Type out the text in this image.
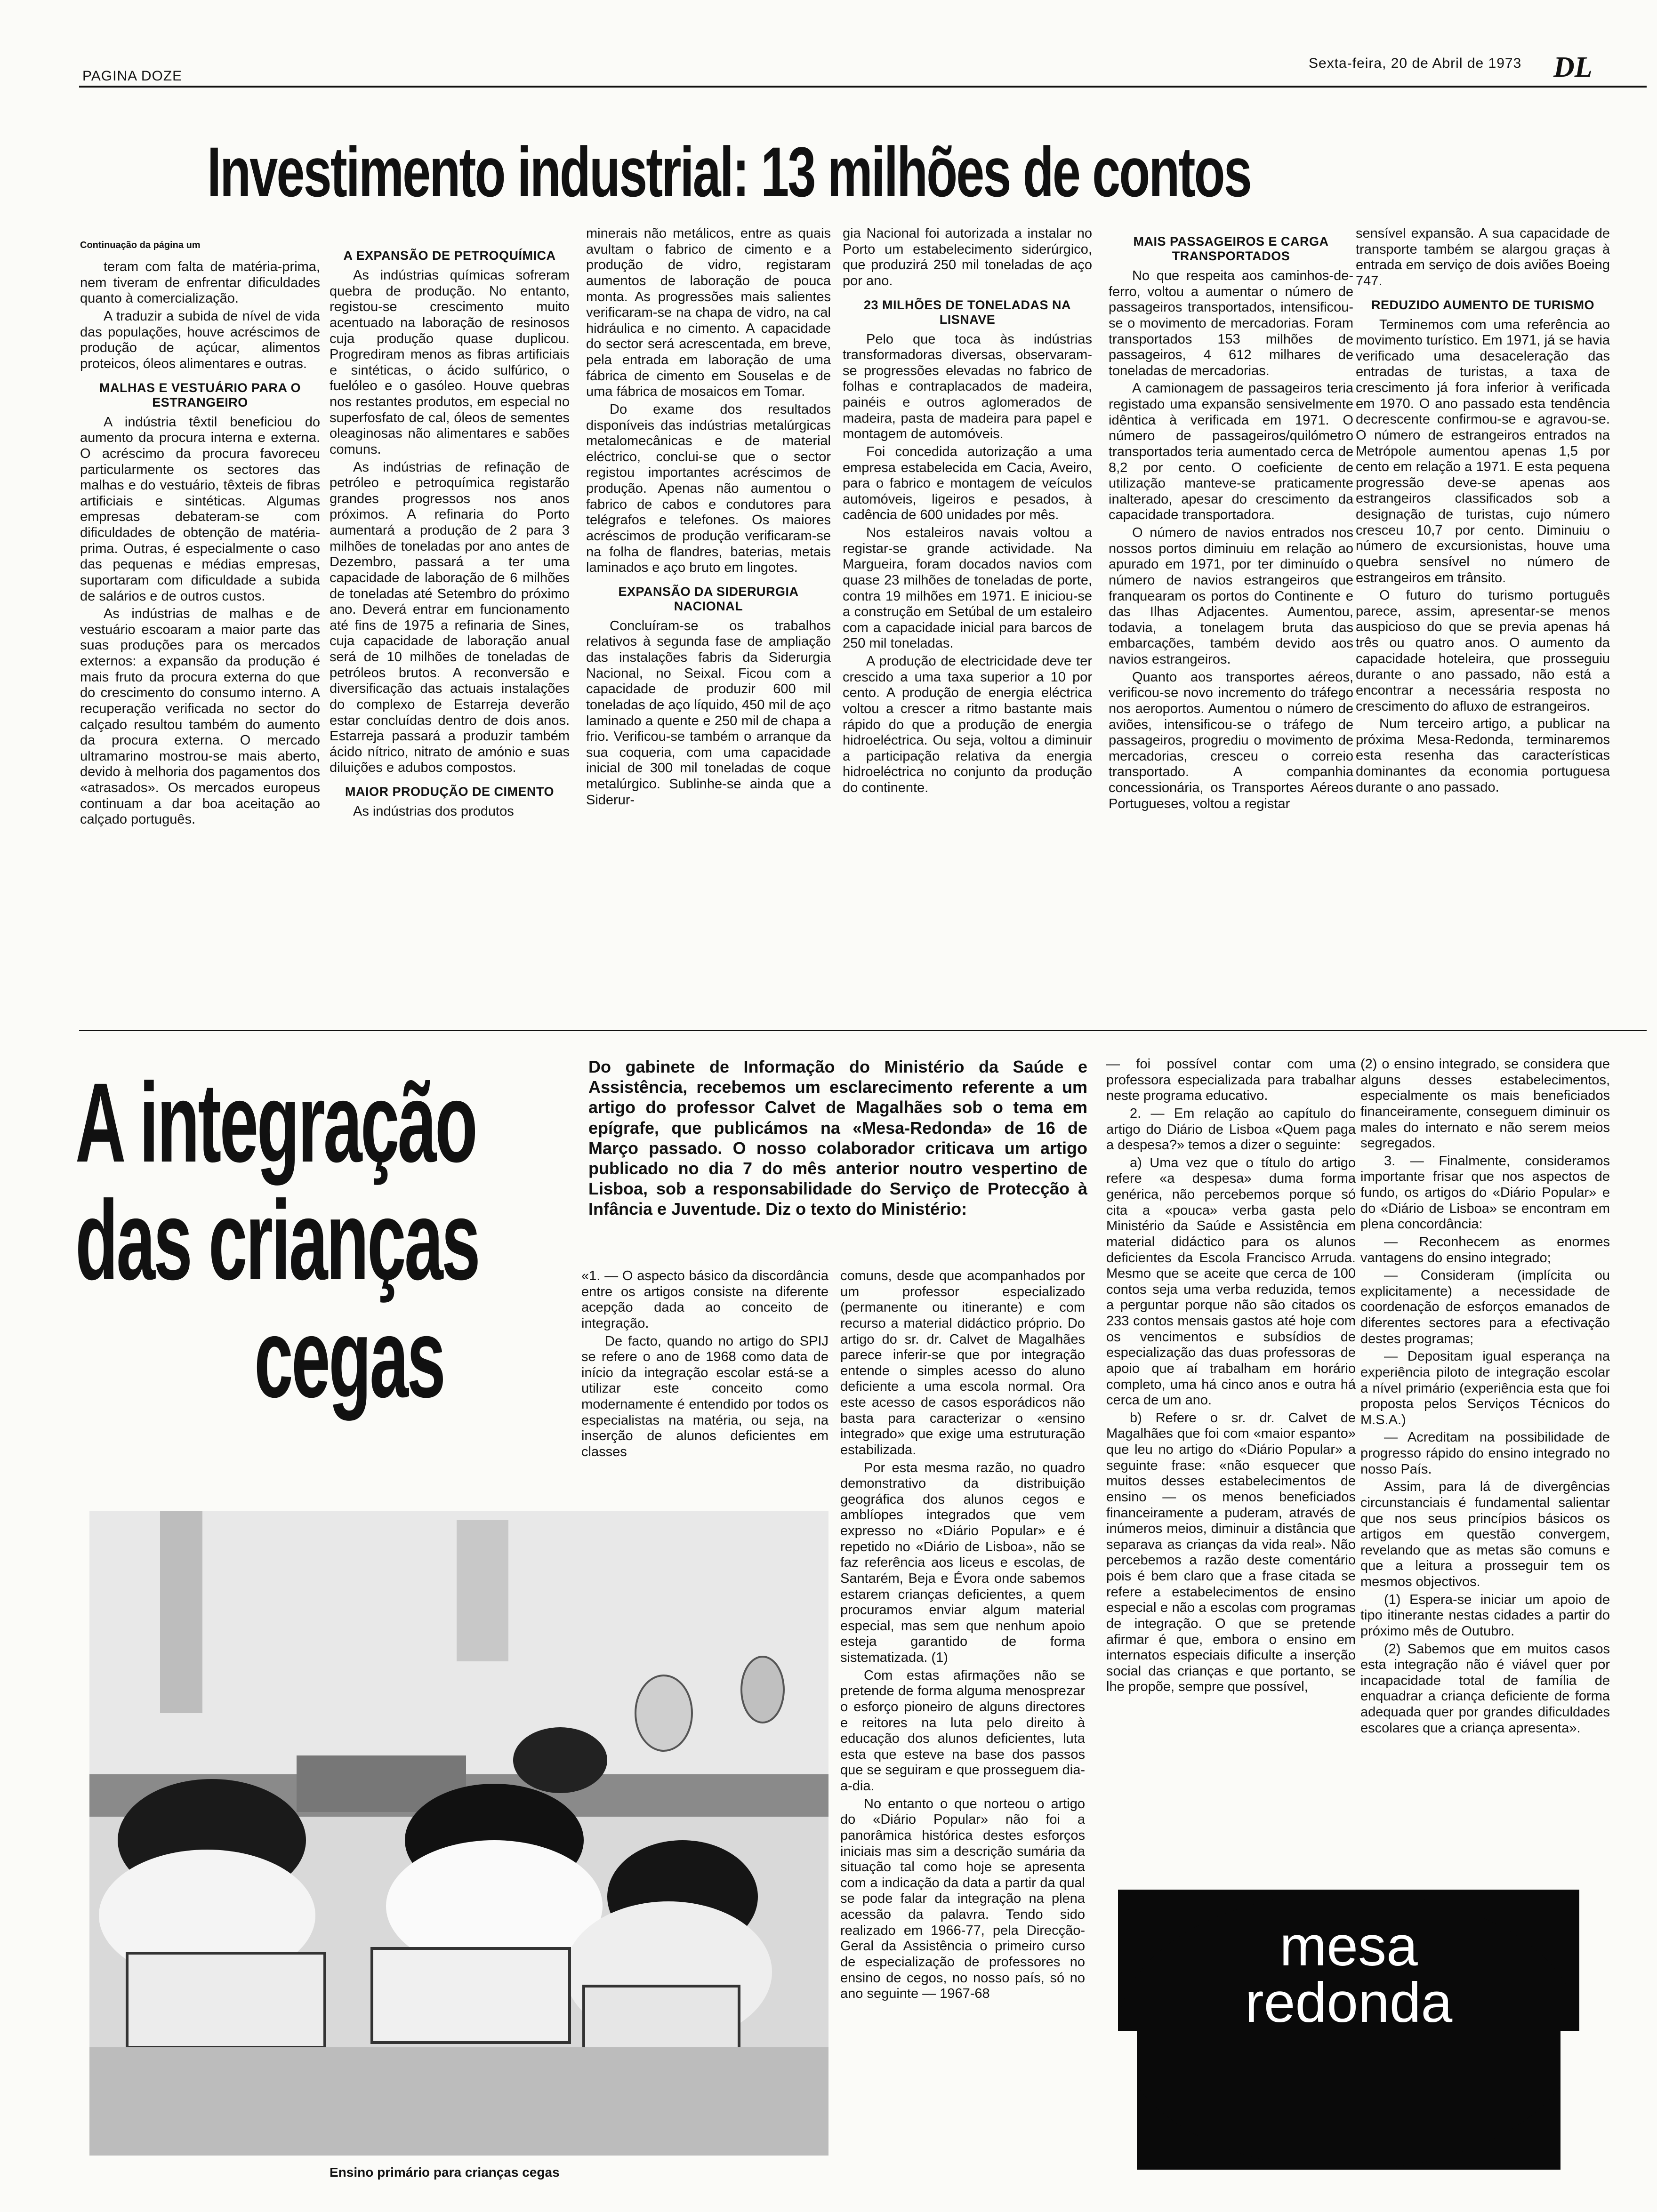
PAGINA DOZE
Sexta-feira, 20 de Abril de 1973 DL
Investimento industrial: 13 milhões de contos

Continuação da página um

teram com falta de matéria-prima, nem tiveram de enfrentar dificuldades quanto à comercialização.

A traduzir a subida de nível de vida das populações, houve acréscimos de produção de açúcar, alimentos proteicos, óleos alimentares e outras.

MALHAS E VESTUÁRIO PARA O ESTRANGEIRO

A indústria têxtil beneficiou do aumento da procura interna e externa. O acréscimo da procura favoreceu particularmente os sectores das malhas e do vestuário, têxteis de fibras artificiais e sintéticas. Algumas empresas debateram-se com dificuldades de obtenção de matéria-prima. Outras, é especialmente o caso das pequenas e médias empresas, suportaram com dificuldade a subida de salários e de outros custos.

As indústrias de malhas e de vestuário escoaram a maior parte das suas produções para os mercados externos: a expansão da produção é mais fruto da procura externa do que do crescimento do consumo interno. A recuperação verificada no sector do calçado resultou também do aumento da procura externa. O mercado ultramarino mostrou-se mais aberto, devido à melhoria dos pagamentos dos «atrasados». Os mercados europeus continuam a dar boa aceitação ao calçado português.

A EXPANSÃO DE PETROQUÍMICA

As indústrias químicas sofreram quebra de produção. No entanto, registou-se crescimento muito acentuado na laboração de resinosos cuja produção quase duplicou. Progrediram menos as fibras artificiais e sintéticas, o ácido sulfúrico, o fuelóleo e o gasóleo. Houve quebras nos restantes produtos, em especial no superfosfato de cal, óleos de sementes oleaginosas não alimentares e sabões comuns.

As indústrias de refinação de petróleo e petroquímica registarão grandes progressos nos anos próximos. A refinaria do Porto aumentará a produção de 2 para 3 milhões de toneladas por ano antes de Dezembro, passará a ter uma capacidade de laboração de 6 milhões de toneladas até Setembro do próximo ano. Deverá entrar em funcionamento até fins de 1975 a refinaria de Sines, cuja capacidade de laboração anual será de 10 milhões de toneladas de petróleos brutos. A reconversão e diversificação das actuais instalações do complexo de Estarreja deverão estar concluídas dentro de dois anos. Estarreja passará a produzir também ácido nítrico, nitrato de amónio e suas diluições e adubos compostos.

MAIOR PRODUÇÃO DE CIMENTO

As indústrias dos produtos

minerais não metálicos, entre as quais avultam o fabrico de cimento e a produção de vidro, registaram aumentos de laboração de pouca monta. As progressões mais salientes verificaram-se na chapa de vidro, na cal hidráulica e no cimento. A capacidade do sector será acrescentada, em breve, pela entrada em laboração de uma fábrica de cimento em Souselas e de uma fábrica de mosaicos em Tomar.

Do exame dos resultados disponíveis das indústrias metalúrgicas metalomecânicas e de material eléctrico, conclui-se que o sector registou importantes acréscimos de produção. Apenas não aumentou o fabrico de cabos e condutores para telégrafos e telefones. Os maiores acréscimos de produção verificaram-se na folha de flandres, baterias, metais laminados e aço bruto em lingotes.

EXPANSÃO DA SIDERURGIA NACIONAL

Concluíram-se os trabalhos relativos à segunda fase de ampliação das instalações fabris da Siderurgia Nacional, no Seixal. Ficou com a capacidade de produzir 600 mil toneladas de aço líquido, 450 mil de aço laminado a quente e 250 mil de chapa a frio. Verificou-se também o arranque da sua coqueria, com uma capacidade inicial de 300 mil toneladas de coque metalúrgico. Sublinhe-se ainda que a Siderur-

gia Nacional foi autorizada a instalar no Porto um estabelecimento siderúrgico, que produzirá 250 mil toneladas de aço por ano.

23 MILHÕES DE TONELADAS NA LISNAVE

Pelo que toca às indústrias transformadoras diversas, observaram-se progressões elevadas no fabrico de folhas e contraplacados de madeira, painéis e outros aglomerados de madeira, pasta de madeira para papel e montagem de automóveis.

Foi concedida autorização a uma empresa estabelecida em Cacia, Aveiro, para o fabrico e montagem de veículos automóveis, ligeiros e pesados, à cadência de 600 unidades por mês.

Nos estaleiros navais voltou a registar-se grande actividade. Na Margueira, foram docados navios com quase 23 milhões de toneladas de porte, contra 19 milhões em 1971. E iniciou-se a construção em Setúbal de um estaleiro com a capacidade inicial para barcos de 250 mil toneladas.

A produção de electricidade deve ter crescido a uma taxa superior a 10 por cento. A produção de energia eléctrica voltou a crescer a ritmo bastante mais rápido do que a produção de energia hidroeléctrica. Ou seja, voltou a diminuir a participação relativa da energia hidroeléctrica no conjunto da produção do continente.

MAIS PASSAGEIROS E CARGA TRANSPORTADOS

No que respeita aos caminhos-de-ferro, voltou a aumentar o número de passageiros transportados, intensificou-se o movimento de mercadorias. Foram transportados 153 milhões de passageiros, 4 612 milhares de toneladas de mercadorias.

A camionagem de passageiros teria registado uma expansão sensivelmente idêntica à verificada em 1971. O número de passageiros/quilómetro transportados teria aumentado cerca de 8,2 por cento. O coeficiente de utilização manteve-se praticamente inalterado, apesar do crescimento da capacidade transportadora.

O número de navios entrados nos nossos portos diminuiu em relação ao apurado em 1971, por ter diminuído o número de navios estrangeiros que franquearam os portos do Continente e das Ilhas Adjacentes. Aumentou, todavia, a tonelagem bruta das embarcações, também devido aos navios estrangeiros.

Quanto aos transportes aéreos, verificou-se novo incremento do tráfego nos aeroportos. Aumentou o número de aviões, intensificou-se o tráfego de passageiros, progrediu o movimento de mercadorias, cresceu o correio transportado. A companhia concessionária, os Transportes Aéreos Portugueses, voltou a registar

sensível expansão. A sua capacidade de transporte também se alargou graças à entrada em serviço de dois aviões Boeing 747.

REDUZIDO AUMENTO DE TURISMO

Terminemos com uma referência ao movimento turístico. Em 1971, já se havia verificado uma desaceleração das entradas de turistas, a taxa de crescimento já fora inferior à verificada em 1970. O ano passado esta tendência decrescente confirmou-se e agravou-se. O número de estrangeiros entrados na Metrópole aumentou apenas 1,5 por cento em relação a 1971. E esta pequena progressão deve-se apenas aos estrangeiros classificados sob a designação de turistas, cujo número cresceu 10,7 por cento. Diminuiu o número de excursionistas, houve uma quebra sensível no número de estrangeiros em trânsito.

O futuro do turismo português parece, assim, apresentar-se menos auspicioso do que se previa apenas há três ou quatro anos. O aumento da capacidade hoteleira, que prosseguiu durante o ano passado, não está a encontrar a necessária resposta no crescimento do afluxo de estrangeiros.

Num terceiro artigo, a publicar na próxima Mesa-Redonda, terminaremos esta resenha das características dominantes da economia portuguesa durante o ano passado.

A integração
das crianças
cegas
Do gabinete de Informação do Ministério da Saúde e Assistência, recebemos um esclarecimento referente a um artigo do professor Calvet de Magalhães sob o tema em epígrafe, que publicámos na «Mesa-Redonda» de 16 de Março passado. O nosso colaborador criticava um artigo publicado no dia 7 do mês anterior noutro vespertino de Lisboa, sob a responsabilidade do Serviço de Protecção à Infância e Juventude. Diz o texto do Ministério:

«1. — O aspecto básico da discordância entre os artigos consiste na diferente acepção dada ao conceito de integração.

De facto, quando no artigo do SPIJ se refere o ano de 1968 como data de início da integração escolar está-se a utilizar este conceito como modernamente é entendido por todos os especialistas na matéria, ou seja, na inserção de alunos deficientes em classes

comuns, desde que acompanhados por um professor especializado (permanente ou itinerante) e com recurso a material didáctico próprio. Do artigo do sr. dr. Calvet de Magalhães parece inferir-se que por integração entende o simples acesso do aluno deficiente a uma escola normal. Ora este acesso de casos esporádicos não basta para caracterizar o «ensino integrado» que exige uma estruturação estabilizada.

Por esta mesma razão, no quadro demonstrativo da distribuição geográfica dos alunos cegos e amblíopes integrados que vem expresso no «Diário Popular» e é repetido no «Diário de Lisboa», não se faz referência aos liceus e escolas, de Santarém, Beja e Évora onde sabemos estarem crianças deficientes, a quem procuramos enviar algum material especial, mas sem que nenhum apoio esteja garantido de forma sistematizada. (1)

Com estas afirmações não se pretende de forma alguma menosprezar o esforço pioneiro de alguns directores e reitores na luta pelo direito à educação dos alunos deficientes, luta esta que esteve na base dos passos que se seguiram e que prosseguem dia-a-dia.

No entanto o que norteou o artigo do «Diário Popular» não foi a panorâmica histórica destes esforços iniciais mas sim a descrição sumária da situação tal como hoje se apresenta com a indicação da data a partir da qual se pode falar da integração na plena acessão da palavra. Tendo sido realizado em 1966-77, pela Direcção-Geral da Assistência o primeiro curso de especialização de professores no ensino de cegos, no nosso país, só no ano seguinte — 1967-68

— foi possível contar com uma professora especializada para trabalhar neste programa educativo.

2. — Em relação ao capítulo do artigo do Diário de Lisboa «Quem paga a despesa?» temos a dizer o seguinte:

a) Uma vez que o título do artigo refere «a despesa» duma forma genérica, não percebemos porque só cita a «pouca» verba gasta pelo Ministério da Saúde e Assistência em material didáctico para os alunos deficientes da Escola Francisco Arruda. Mesmo que se aceite que cerca de 100 contos seja uma verba reduzida, temos a perguntar porque não são citados os 233 contos mensais gastos até hoje com os vencimentos e subsídios de especialização das duas professoras de apoio que aí trabalham em horário completo, uma há cinco anos e outra há cerca de um ano.

b) Refere o sr. dr. Calvet de Magalhães que foi com «maior espanto» que leu no artigo do «Diário Popular» a seguinte frase: «não esquecer que muitos desses estabelecimentos de ensino — os menos beneficiados financeiramente a puderam, através de inúmeros meios, diminuir a distância que separava as crianças da vida real». Não percebemos a razão deste comentário pois é bem claro que a frase citada se refere a estabelecimentos de ensino especial e não a escolas com programas de integração. O que se pretende afirmar é que, embora o ensino em internatos especiais dificulte a inserção social das crianças e que portanto, se lhe propõe, sempre que possível,

(2) o ensino integrado, se considera que alguns desses estabelecimentos, especialmente os mais beneficiados financeiramente, conseguem diminuir os males do internato e não serem meios segregados.

3. — Finalmente, consideramos importante frisar que nos aspectos de fundo, os artigos do «Diário Popular» e do «Diário de Lisboa» se encontram em plena concordância:

— Reconhecem as enormes vantagens do ensino integrado;

— Consideram (implícita ou explicitamente) a necessidade de coordenação de esforços emanados de diferentes sectores para a efectivação destes programas;

— Depositam igual esperança na experiência piloto de integração escolar a nível primário (experiência esta que foi proposta pelos Serviços Técnicos do M.S.A.)

— Acreditam na possibilidade de progresso rápido do ensino integrado no nosso País.

Assim, para lá de divergências circunstanciais é fundamental salientar que nos seus princípios básicos os artigos em questão convergem, revelando que as metas são comuns e que a leitura a prosseguir tem os mesmos objectivos.

(1) Espera-se iniciar um apoio de tipo itinerante nestas cidades a partir do próximo mês de Outubro.

(2) Sabemos que em muitos casos esta integração não é viável quer por incapacidade total de família de enquadrar a criança deficiente de forma adequada quer por grandes dificuldades escolares que a criança apresenta».

Ensino primário para crianças cegas
mesa
redonda
